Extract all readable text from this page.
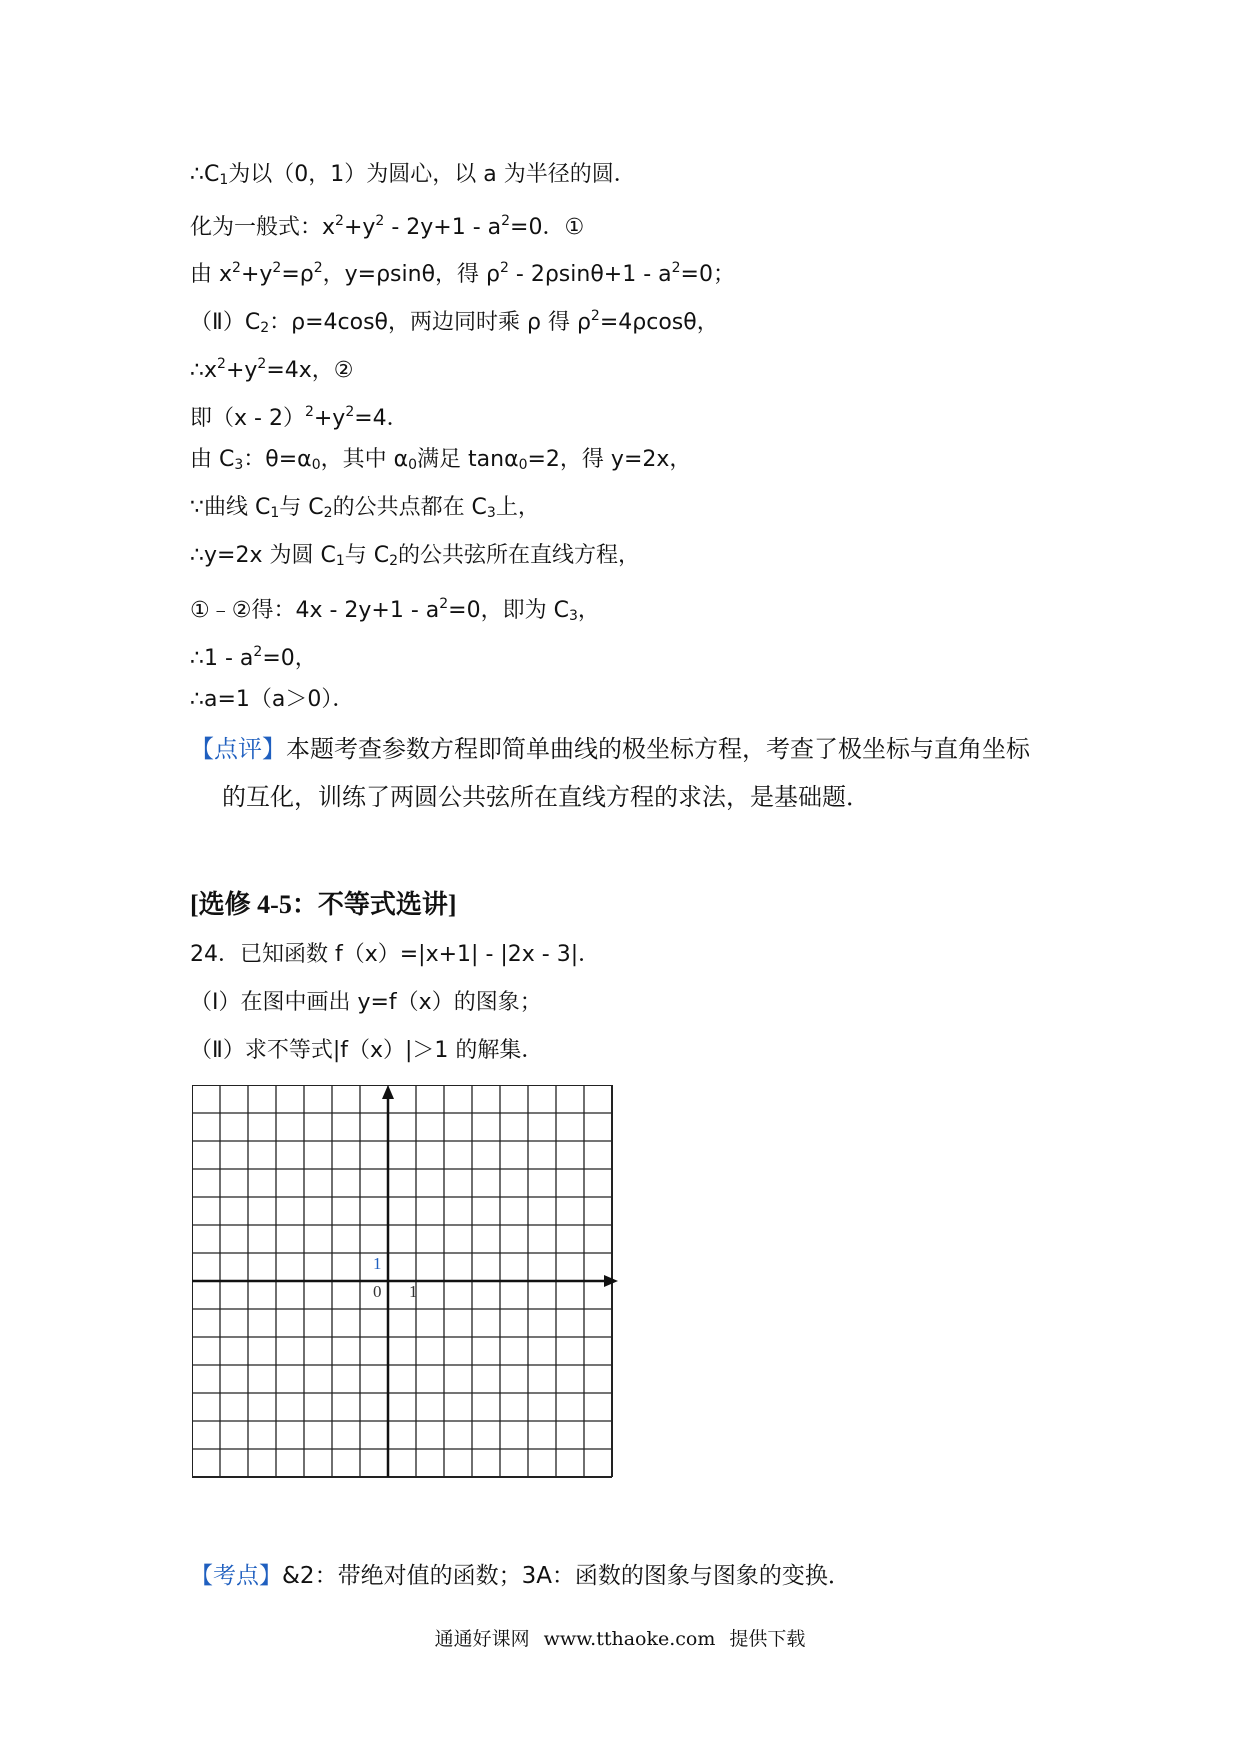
$\therefore C_1$为以（0，1）为圆心，以 a 为半径的圆．
化为一般式：$x^2+y^2 - 2y+1 - a^2=0$．①
由 $x^2+y^2=\rho^2$，y=ρsinθ，得 $\rho^2 - 2\rho\sin\theta+1 - a^2=0$；
$(Ⅱ)C_2$：ρ=4cosθ，两边同时乘 ρ 得 $\rho^2=4\rho\cos\theta$，
$\therefore x^2+y^2=4x$，②
即$(x - 2)^2+y^2=4$．
由 $C_3$：$\theta=\alpha_0$，其中 $\alpha_0$满足 tanα$_0$=2，得 y=2x，
∵曲线 $C_1$与 $C_2$的公共点都在 $C_3$上，
∴y=2x 为圆 $C_1$与 $C_2$的公共弦所在直线方程，
①﹣②得：$4x - 2y+1 - a^2=0$，即为 $C_3$，
∴1 - $a^2=0$，
∴a=1（a＞0）．
【点评】本题考查参数方程即简单曲线的极坐标方程，考查了极坐标与直角坐标
的互化，训练了两圆公共弦所在直线方程的求法，是基础题．
[选修 4-5：不等式选讲]
24．已知函数 f（x）=|x+1| - |2x - 3|．
（Ⅰ）在图中画出 y=f（x）的图象；
（Ⅱ）求不等式|f（x）|＞1 的解集．
0 1
1
【考点】&2：带绝对值的函数；3A：函数的图象与图象的变换．
通通好课网 www.tthaoke.com 提供下载
